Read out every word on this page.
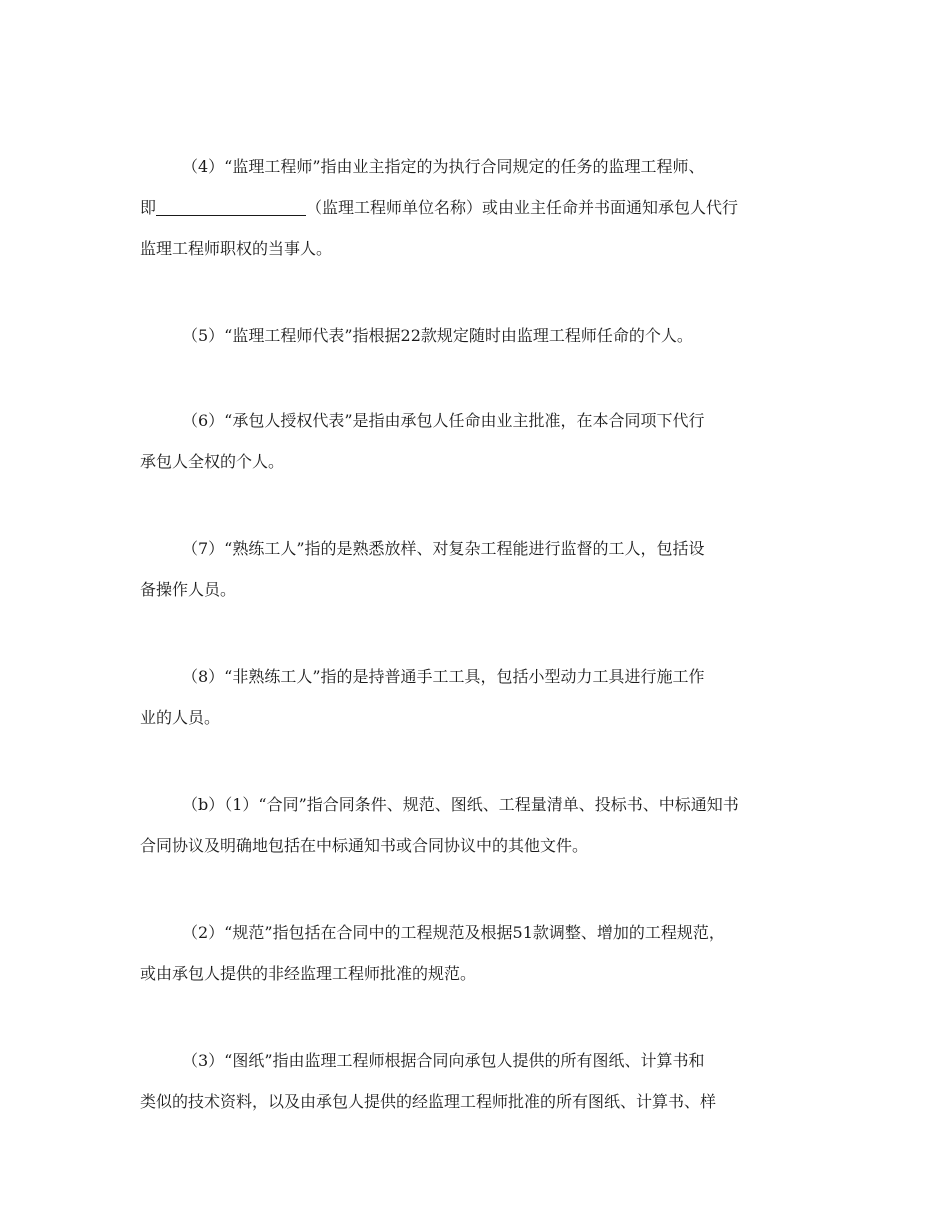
（4）“监理工程师”指由业主指定的为执行合同规定的任务的监理工程师、
即	（监理工程师单位名称）或由业主任命并书面通知承包人代行
监理工程师职权的当事人。

（5）“监理工程师代表”指根据22款规定随时由监理工程师任命的个人。

（6）“承包人授权代表”是指由承包人任命由业主批准，在本合同项下代行
承包人全权的个人。

（7）“熟练工人”指的是熟悉放样、对复杂工程能进行监督的工人，包括设
备操作人员。

（8）“非熟练工人”指的是持普通手工工具，包括小型动力工具进行施工作
业的人员。

（b）（1）“合同”指合同条件、规范、图纸、工程量清单、投标书、中标通知书
合同协议及明确地包括在中标通知书或合同协议中的其他文件。

（2）“规范”指包括在合同中的工程规范及根据51款调整、增加的工程规范，
或由承包人提供的非经监理工程师批准的规范。

（3）“图纸”指由监理工程师根据合同向承包人提供的所有图纸、计算书和
类似的技术资料，以及由承包人提供的经监理工程师批准的所有图纸、计算书、样
